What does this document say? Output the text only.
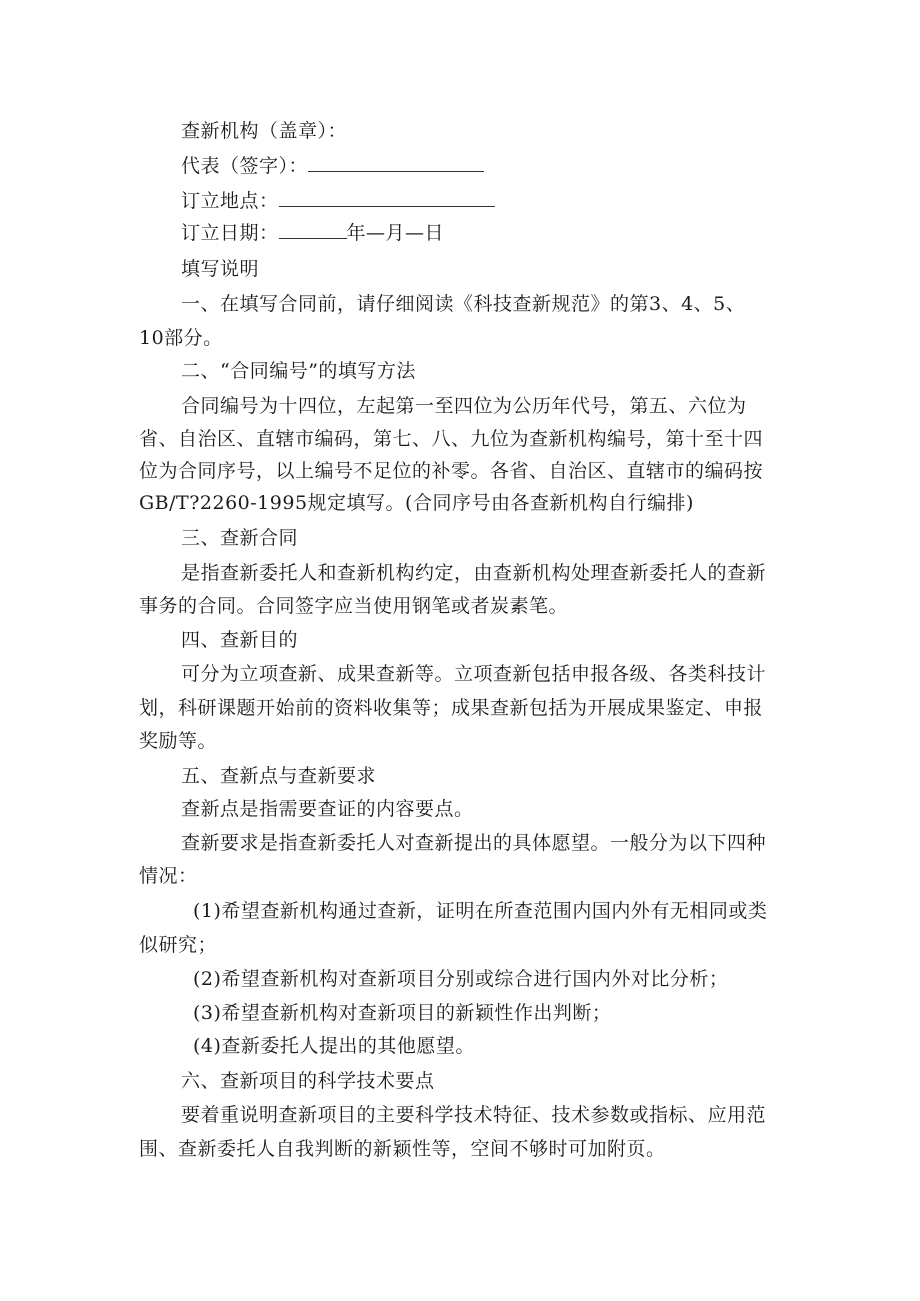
查新机构（盖章）：

代表（签字）：

订立地点：

订立日期：	年—月—日

填写说明

一、在填写合同前，请仔细阅读《科技查新规范》的第3、4、5、

10部分。

二、“合同编号”的填写方法

合同编号为十四位，左起第一至四位为公历年代号，第五、六位为

省、自治区、直辖市编码，第七、八、九位为查新机构编号，第十至十四

位为合同序号，以上编号不足位的补零。各省、自治区、直辖市的编码按

GB/T?2260-1995规定填写。(合同序号由各查新机构自行编排)

三、查新合同

是指查新委托人和查新机构约定，由查新机构处理查新委托人的查新

事务的合同。合同签字应当使用钢笔或者炭素笔。

四、查新目的

可分为立项查新、成果查新等。立项查新包括申报各级、各类科技计

划，科研课题开始前的资料收集等；成果查新包括为开展成果鉴定、申报

奖励等。

五、查新点与查新要求

查新点是指需要查证的内容要点。

查新要求是指查新委托人对查新提出的具体愿望。一般分为以下四种

情况：

(1)希望查新机构通过查新，证明在所查范围内国内外有无相同或类

似研究；

(2)希望查新机构对查新项目分别或综合进行国内外对比分析；

(3)希望查新机构对查新项目的新颖性作出判断；

(4)查新委托人提出的其他愿望。

六、查新项目的科学技术要点

要着重说明查新项目的主要科学技术特征、技术参数或指标、应用范

围、查新委托人自我判断的新颖性等，空间不够时可加附页。
